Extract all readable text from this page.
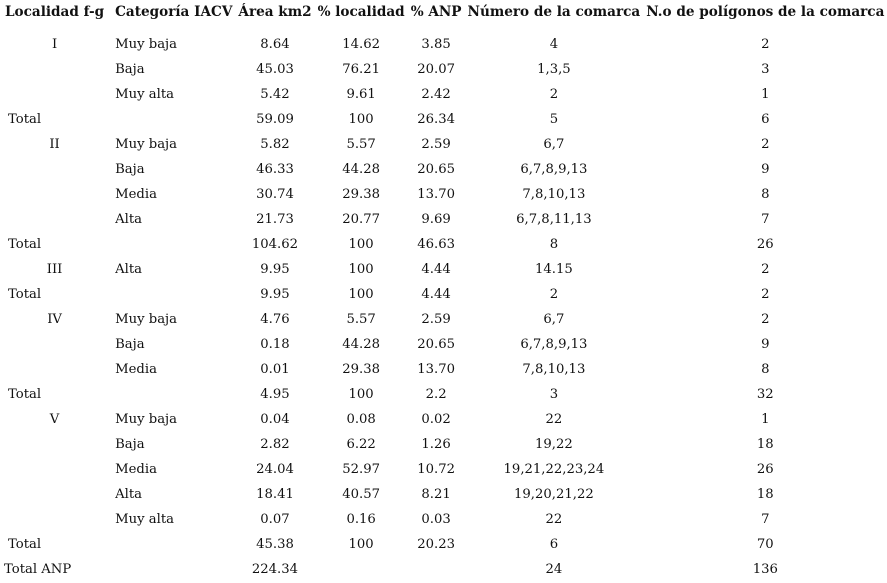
Localidad f-g	Categoría IACV	Área km2	% localidad	% ANP	Número de la comarca	N.o de polígonos de la comarca
I	Muy baja	8.64	14.62	3.85	4	2
	Baja	45.03	76.21	20.07	1,3,5	3
	Muy alta	5.42	9.61	2.42	2	1
Total		59.09	100	26.34	5	6
II	Muy baja	5.82	5.57	2.59	6,7	2
	Baja	46.33	44.28	20.65	6,7,8,9,13	9
	Media	30.74	29.38	13.70	7,8,10,13	8
	Alta	21.73	20.77	9.69	6,7,8,11,13	7
Total		104.62	100	46.63	8	26
III	Alta	9.95	100	4.44	14.15	2
Total		9.95	100	4.44	2	2
IV	Muy baja	4.76	5.57	2.59	6,7	2
	Baja	0.18	44.28	20.65	6,7,8,9,13	9
	Media	0.01	29.38	13.70	7,8,10,13	8
Total		4.95	100	2.2	3	32
V	Muy baja	0.04	0.08	0.02	22	1
	Baja	2.82	6.22	1.26	19,22	18
	Media	24.04	52.97	10.72	19,21,22,23,24	26
	Alta	18.41	40.57	8.21	19,20,21,22	18
	Muy alta	0.07	0.16	0.03	22	7
Total		45.38	100	20.23	6	70
Total ANP		224.34			24	136
